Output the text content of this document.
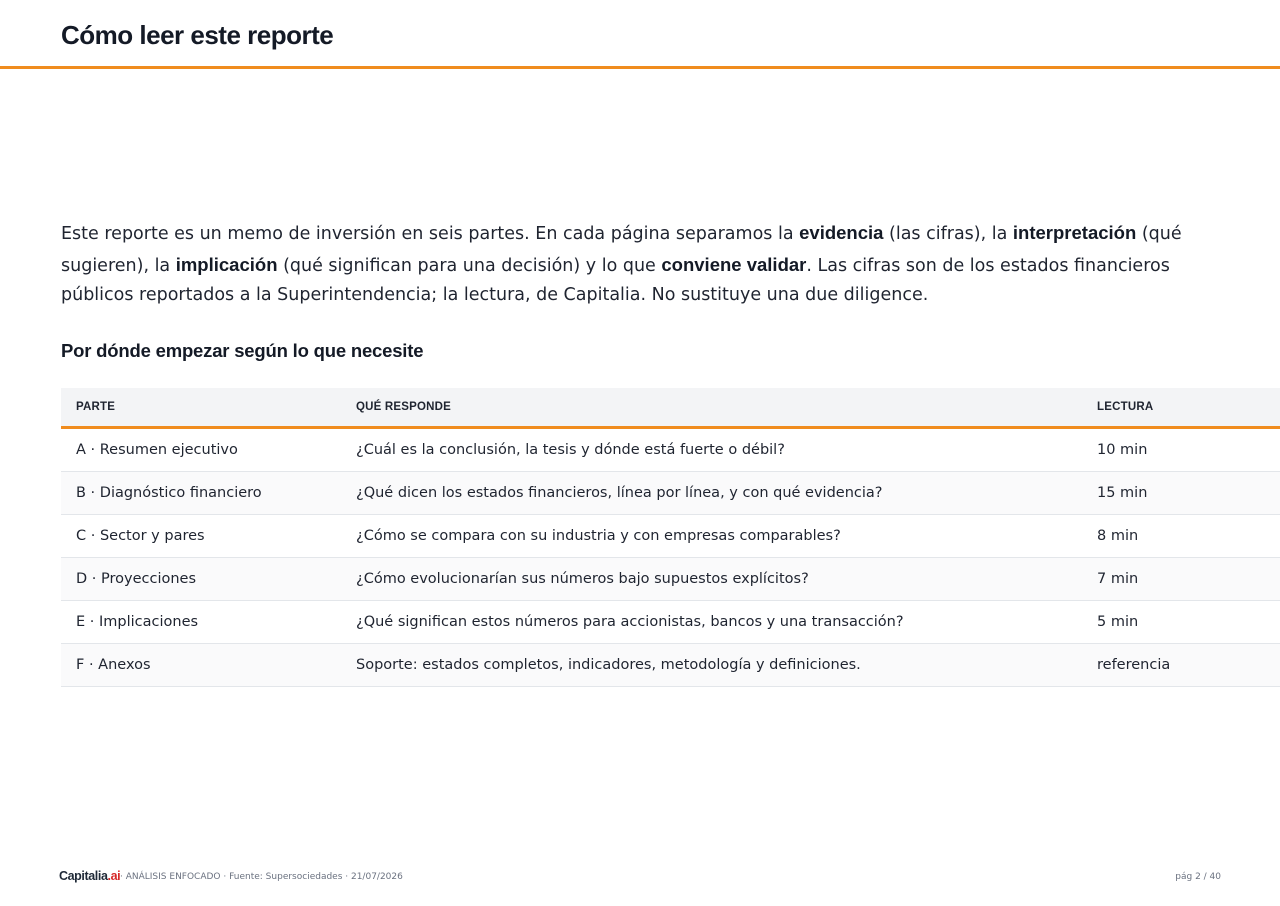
Cómo leer este reporte

Este reporte es un memo de inversión en seis partes. En cada página separamos la evidencia (las cifras), la interpretación (qué sugieren), la implicación (qué significan para una decisión) y lo que conviene validar. Las cifras son de los estados financieros públicos reportados a la Superintendencia; la lectura, de Capitalia. No sustituye una due diligence.

Por dónde empezar según lo que necesite
PARTE	QUÉ RESPONDE	LECTURA
A · Resumen ejecutivo	¿Cuál es la conclusión, la tesis y dónde está fuerte o débil?	10 min
B · Diagnóstico financiero	¿Qué dicen los estados financieros, línea por línea, y con qué evidencia?	15 min
C · Sector y pares	¿Cómo se compara con su industria y con empresas comparables?	8 min
D · Proyecciones	¿Cómo evolucionarían sus números bajo supuestos explícitos?	7 min
E · Implicaciones	¿Qué significan estos números para accionistas, bancos y una transacción?	5 min
F · Anexos	Soporte: estados completos, indicadores, metodología y definiciones.	referencia
Capitalia.ai · ANÁLISIS ENFOCADO · Fuente: Supersociedades · 21/07/2026	pág 2 / 40
